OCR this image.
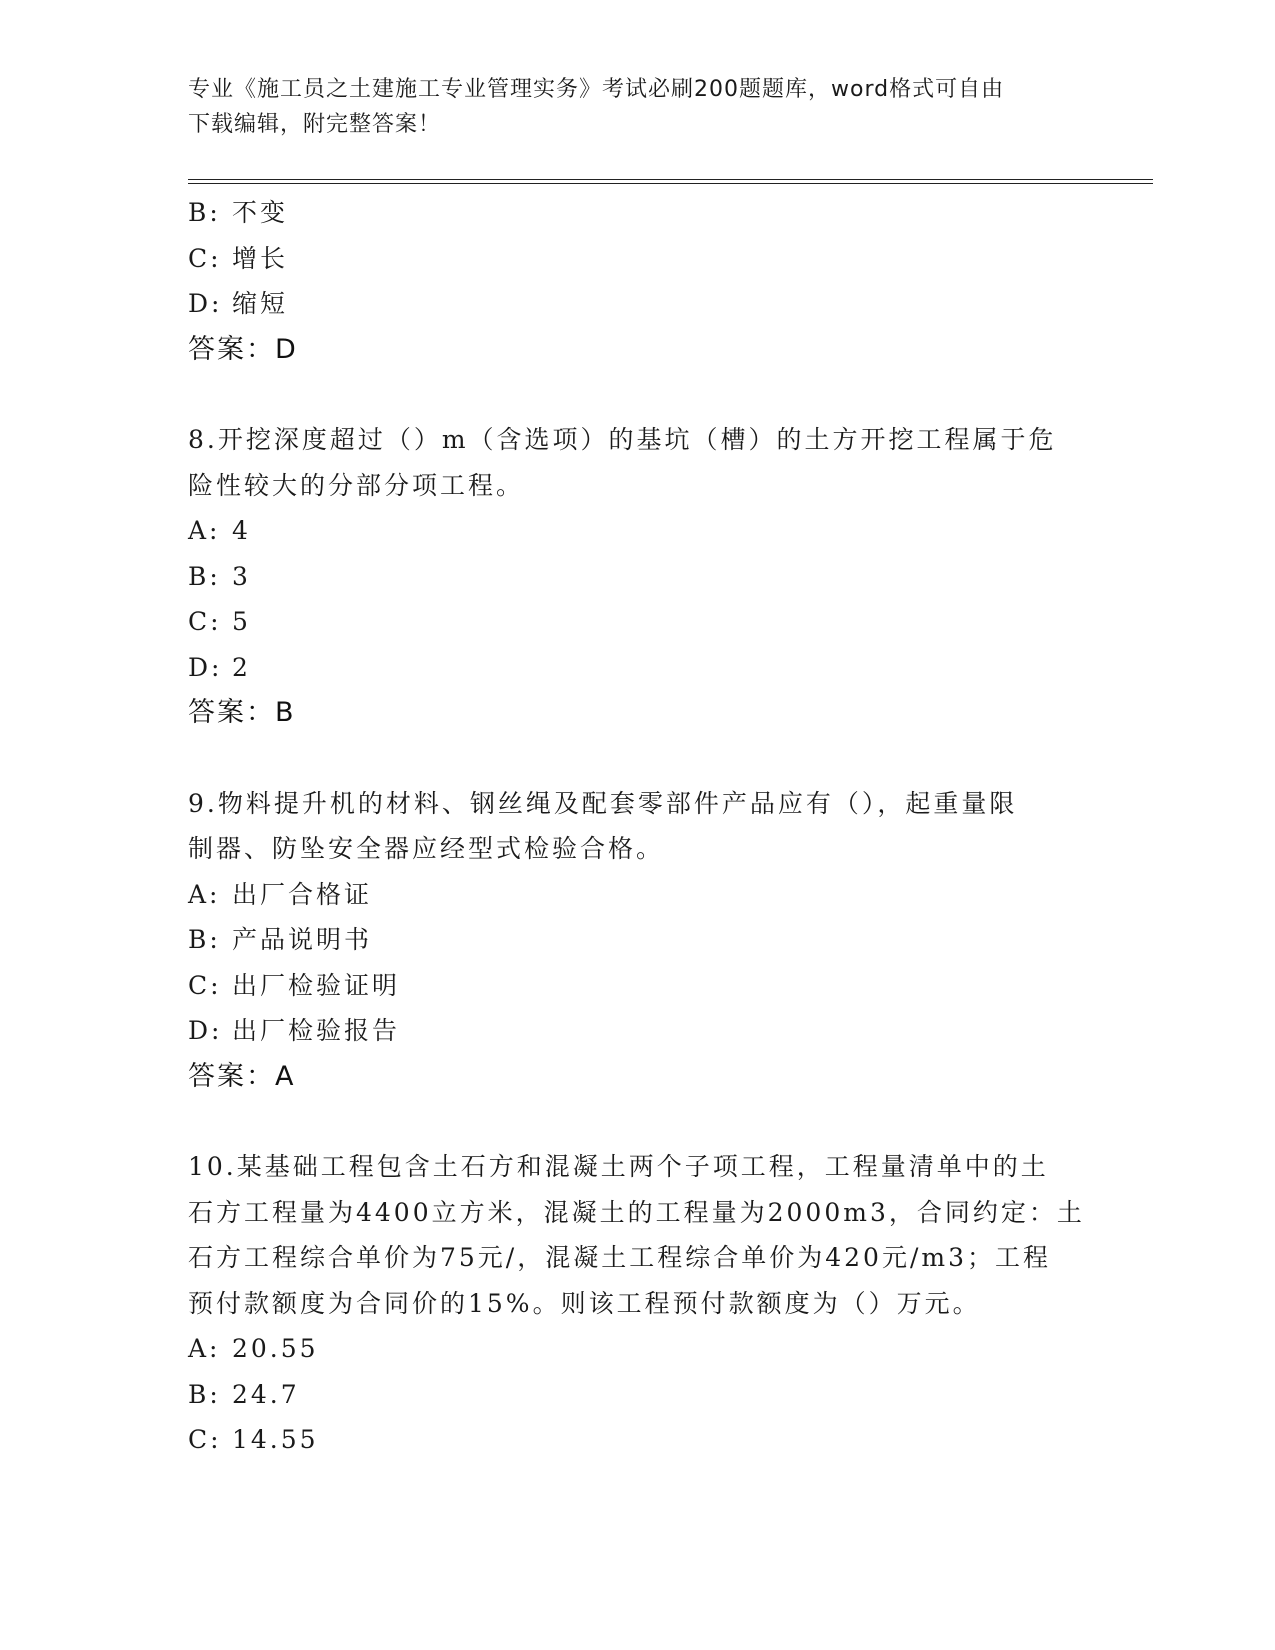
专业《施工员之土建施工专业管理实务》考试必刷200题题库，word格式可自由
下载编辑，附完整答案！
B: 不变
C: 增长
D: 缩短
答案：D
8.开挖深度超过（）m（含选项）的基坑（槽）的土方开挖工程属于危
险性较大的分部分项工程。
A: 4
B: 3
C: 5
D: 2
答案：B
9.物料提升机的材料、钢丝绳及配套零部件产品应有（），起重量限
制器、防坠安全器应经型式检验合格。
A: 出厂合格证
B: 产品说明书
C: 出厂检验证明
D: 出厂检验报告
答案：A
10.某基础工程包含土石方和混凝土两个子项工程，工程量清单中的土
石方工程量为4400立方米，混凝土的工程量为2000m3，合同约定：土
石方工程综合单价为75元/，混凝土工程综合单价为420元/m3；工程
预付款额度为合同价的15%。则该工程预付款额度为（）万元。
A: 20.55
B: 24.7
C: 14.55
